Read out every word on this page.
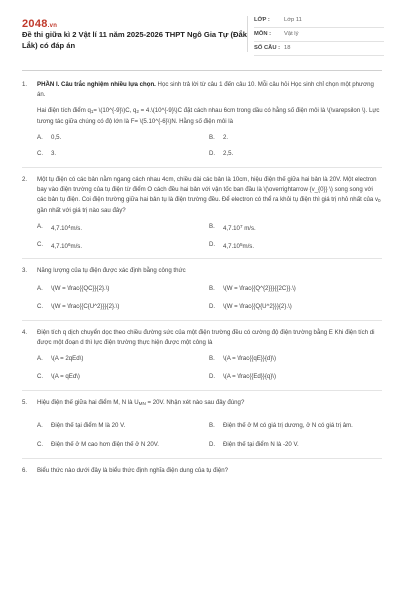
2048.vn
Đề thi giữa kì 2 Vật lí 11 năm 2025-2026 THPT Ngô Gia Tự (Đắk Lắk) có đáp án
LỚP : Lớp 11
MÔN : Vật lý
SỐ CÂU : 18
1. PHẦN I. Câu trắc nghiệm nhiều lựa chọn. Học sinh trả lời từ câu 1 đến câu 10. Mỗi câu hỏi Học sinh chỉ chọn một phương án.

Hai điện tích điểm $q_1=$ \(10^{-9}\)C, $q_2$ = 4.\(10^{-9}\)C đặt cách nhau 6cm trong dầu có hằng số điện môi là \(\varepsilon \). Lực tương tác giữa chúng có độ lớn là F= \(5.10^{-6}\)N. Hằng số điện môi là

A.	0,5.	B.	2.
C.	3.	D.	2,5.
2. Một tụ điện có các bản nằm ngang cách nhau 4cm, chiều dài các bản là 10cm, hiệu điện thế giữa hai bản là 20V. Một electron bay vào điện trường của tụ điện từ điểm O cách đều hai bản với vận tốc ban đầu là \(\overrightarrow {v_{0}} \) song song với các bản tụ điện. Coi điện trường giữa hai bản tụ là điện trường đều. Để electron có thể ra khỏi tụ điện thì giá trị nhỏ nhất của $v_0$ gần nhất với giá trị nào sau đây?

A.	4,7.10$^4$m/s.	B.	4,7.10$^7$ m/s.
C.	4,7.10$^6$m/s.	D.	4,7.10$^5$m/s.
3. Năng lượng của tụ điện được xác định bằng công thức

A.	\(W = \frac{{QC}}{2}.\)	B.	\(W = \frac{{Q^{2}}}{{2C}}.\)
C.	\(W = \frac{{C{U^2}}}{2}.\)	D.	\(W = \frac{{Q{U^2}}}{2}.\)
4. Điện tích q dịch chuyển dọc theo chiều đường sức của một điện trường đều có cường độ điện trường bằng E Khi điện tích di được một đoạn d thì lực điện trường thực hiện được một công là

A.	\(A = 2qEd\)	B.	\(A = \frac{{qE}}{d}\)
C.	\(A = qEd\)	D.	\(A = \frac{{Ed}}{q}\)
5. Hiệu điện thế giữa hai điểm M, N là $U_{MN} = 20V$. Nhận xét nào sau đây đúng?

A.	Điện thế tại điểm M là 20 V.	B.	Điện thế ở M có giá trị dương, ở N có giá trị âm.
C.	Điện thế ở M cao hơn điện thế ở N 20V.	D.	Điện thế tại điểm N là -20 V.
6. Biểu thức nào dưới đây là biểu thức định nghĩa điện dung của tụ điện?
